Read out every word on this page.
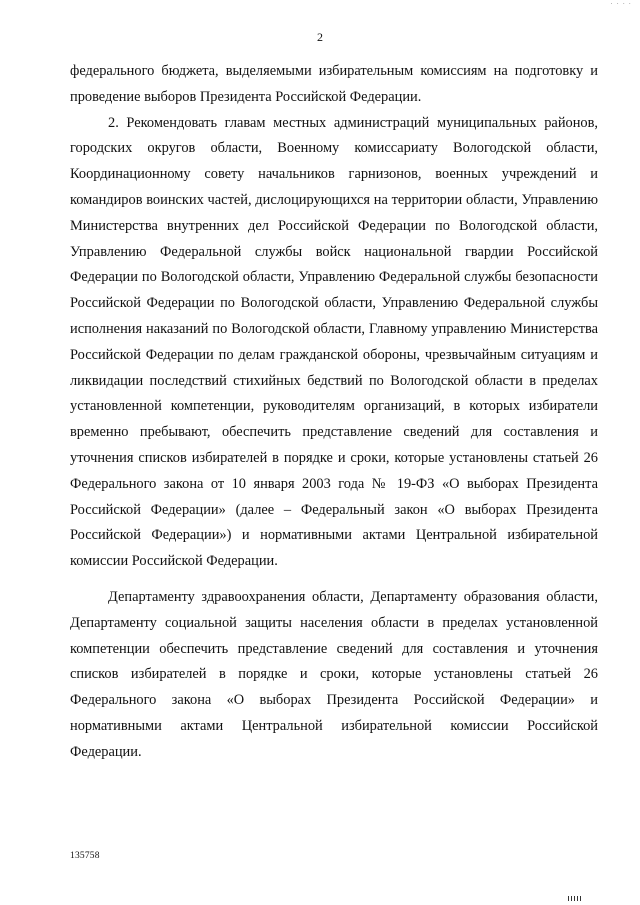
· · · ·
2

федерального бюджета, выделяемыми избирательным комиссиям на подготовку и проведение выборов Президента Российской Федерации.

2. Рекомендовать главам местных администраций муниципальных районов, городских округов области, Военному комиссариату Вологодской области, Координационному совету начальников гарнизонов, военных учреждений и командиров воинских частей, дислоцирующихся на территории области, Управлению Министерства внутренних дел Российской Федерации по Вологодской области, Управлению Федеральной службы войск национальной гвардии Российской Федерации по Вологодской области, Управлению Федеральной службы безопасности Российской Федерации по Вологодской области, Управлению Федеральной службы исполнения наказаний по Вологодской области, Главному управлению Министерства Российской Федерации по делам гражданской обороны, чрезвычайным ситуациям и ликвидации последствий стихийных бедствий по Вологодской области в пределах установленной компетенции, руководителям организаций, в которых избиратели временно пребывают, обеспечить представление сведений для составления и уточнения списков избирателей в порядке и сроки, которые установлены статьей 26 Федерального закона от 10 января 2003 года № 19-ФЗ «О выборах Президента Российской Федерации» (далее – Федеральный закон «О выборах Президента Российской Федерации») и нормативными актами Центральной избирательной комиссии Российской Федерации.

Департаменту здравоохранения области, Департаменту образования области, Департаменту социальной защиты населения области в пределах установленной компетенции обеспечить представление сведений для составления и уточнения списков избирателей в порядке и сроки, которые установлены статьей 26 Федерального закона «О выборах Президента Российской Федерации» и нормативными актами Центральной избирательной комиссии Российской Федерации.

135758
